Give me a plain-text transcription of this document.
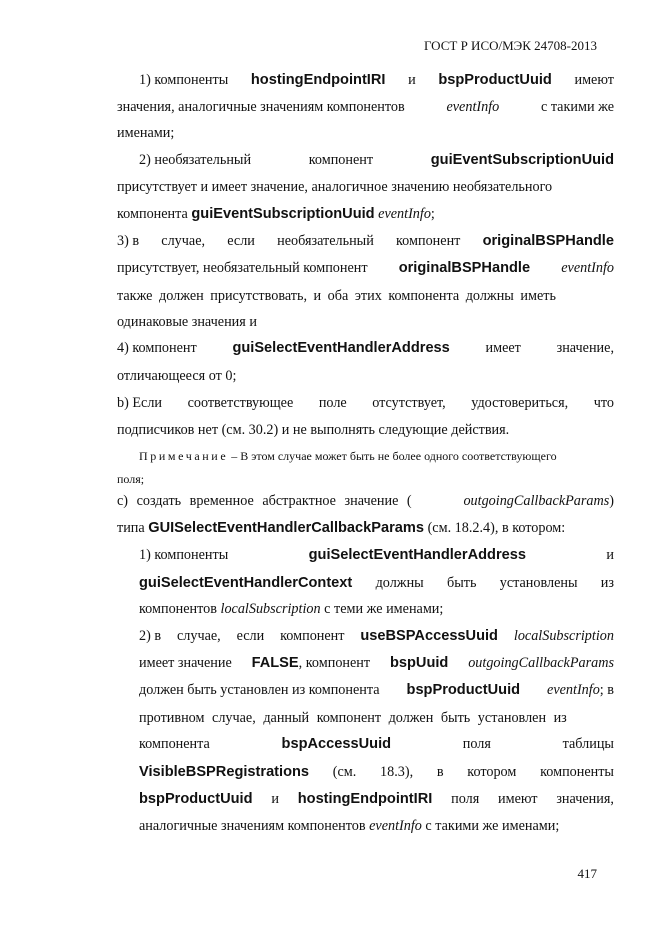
ГОСТ Р ИСО/МЭК 24708-2013
1) компоненты hostingEndpointIRI и bspProductUuid имеют
значения, аналогичные значениям компонентов	eventInfo	с такими же
именами;
2) необязательный	компонент	guiEventSubscriptionUuid
присутствует и имеет значение, аналогичное значению необязательного
компонента guiEventSubscriptionUuid eventInfo;
3) в случае, если необязательный компонент originalBSPHandle
присутствует, необязательный компонент originalBSPHandle eventInfo
также должен присутствовать, и оба этих компонента должны иметь
одинаковые значения и
4) компонент guiSelectEventHandlerAddress	имеет	значение,
отличающееся от 0;
b) Если соответствующее поле отсутствует, удостовериться, что
подписчиков нет (см. 30.2) и не выполнять следующие действия.
Примечание – В этом случае может быть не более одного соответствующего
поля;
c) создать временное абстрактное значение (	outgoingCallbackParams)
типа GUISelectEventHandlerCallbackParams (см. 18.2.4), в котором:
1) компоненты	guiSelectEventHandlerAddress	и
guiSelectEventHandlerContext должны быть установлены из
компонентов localSubscription с теми же именами;
2) в случае, если компонент useBSPAccessUuid localSubscription
имеет значение FALSE, компонент bspUuid outgoingCallbackParams
должен быть установлен из компонента bspProductUuid eventInfo; в
противном случае, данный компонент должен быть установлен из
компонента	bspAccessUuid	поля	таблицы
VisibleBSPRegistrations (см. 18.3), в котором компоненты
bspProductUuid и hostingEndpointIRI поля имеют значения,
аналогичные значениям компонентов eventInfo с такими же именами;
417
